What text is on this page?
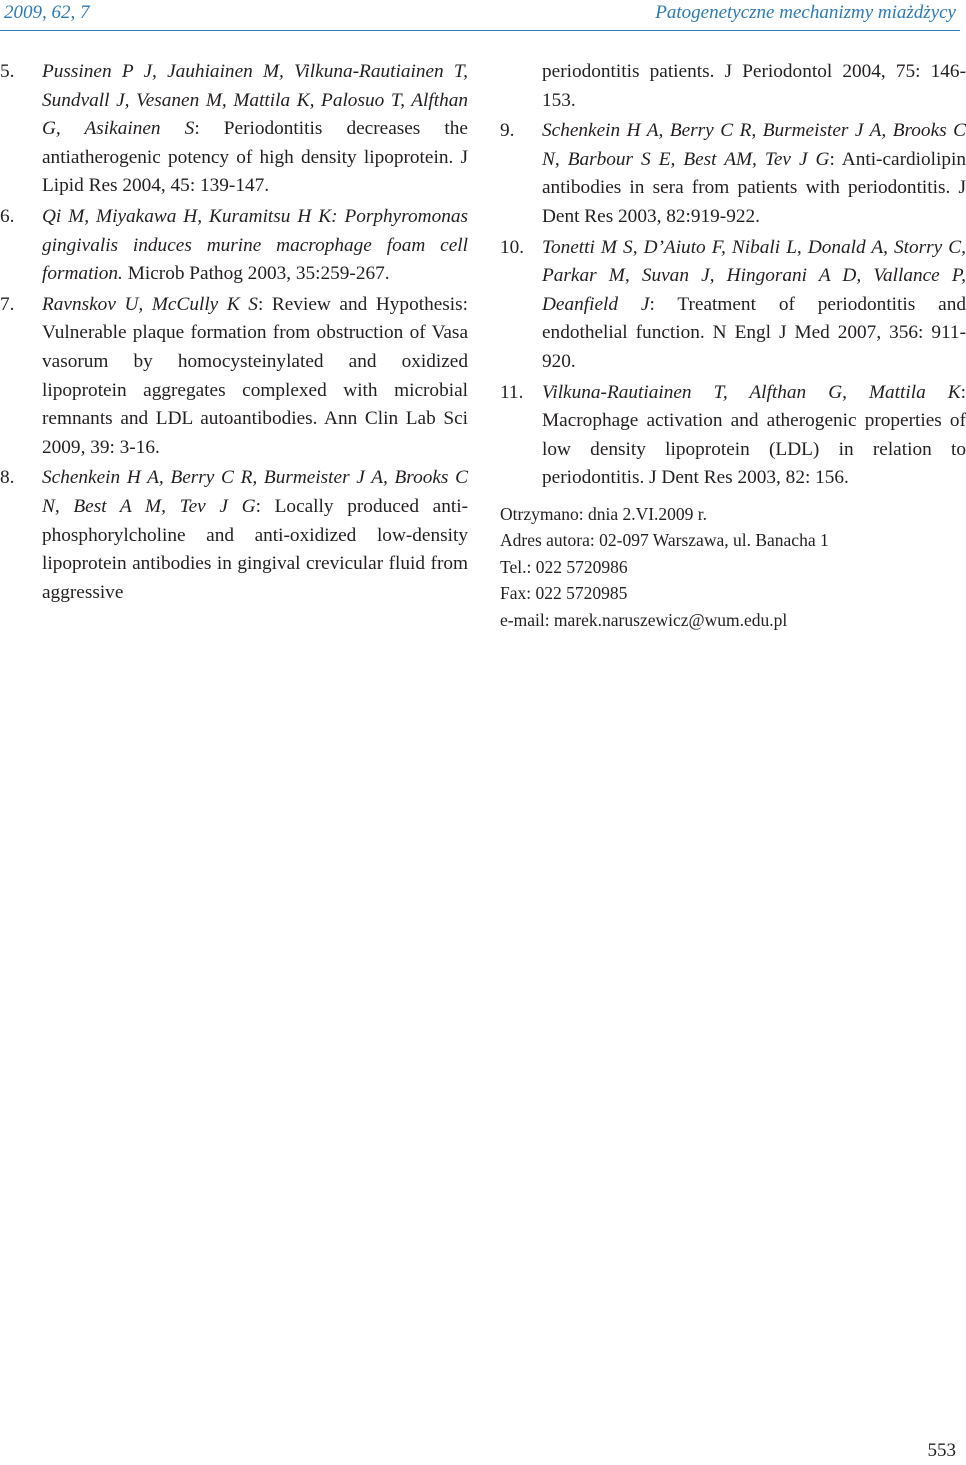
2009, 62, 7	Patogenetyczne mechanizmy miażdżycy
5.	Pussinen P J, Jauhiainen M, Vilkuna-Rautiainen T, Sundvall J, Vesanen M, Mattila K, Palosuo T, Alfthan G, Asikainen S: Periodontitis decreases the antiatherogenic potency of high density lipoprotein. J Lipid Res 2004, 45: 139-147.
6.	Qi M, Miyakawa H, Kuramitsu H K: Porphyromonas gingivalis induces murine macrophage foam cell formation. Microb Pathog 2003, 35:259-267.
7.	Ravnskov U, McCully K S: Review and Hypothesis: Vulnerable plaque formation from obstruction of Vasa vasorum by homocysteinylated and oxidized lipoprotein aggregates complexed with microbial remnants and LDL autoantibodies. Ann Clin Lab Sci 2009, 39: 3-16.
8.	Schenkein H A, Berry C R, Burmeister J A, Brooks C N, Best A M, Tev J G: Locally produced anti-phosphorylcholine and anti-oxidized low-density lipoprotein antibodies in gingival crevicular fluid from aggressive
periodontitis patients. J Periodontol 2004, 75: 146-153.
9.	Schenkein H A, Berry C R, Burmeister J A, Brooks C N, Barbour S E, Best AM, Tev J G: Anti-cardiolipin antibodies in sera from patients with periodontitis. J Dent Res 2003, 82:919-922.
10. Tonetti M S, D’Aiuto F, Nibali L, Donald A, Storry C, Parkar M, Suvan J, Hingorani A D, Vallance P, Deanfield J: Treatment of periodontitis and endothelial function. N Engl J Med 2007, 356: 911-920.
11. Vilkuna-Rautiainen T, Alfthan G, Mattila K: Macrophage activation and atherogenic properties of low density lipoprotein (LDL) in relation to periodontitis. J Dent Res 2003, 82: 156.
Otrzymano: dnia 2.VI.2009 r.
Adres autora: 02-097 Warszawa, ul. Banacha 1
Tel.: 022 5720986
Fax: 022 5720985
e-mail: marek.naruszewicz@wum.edu.pl
553
